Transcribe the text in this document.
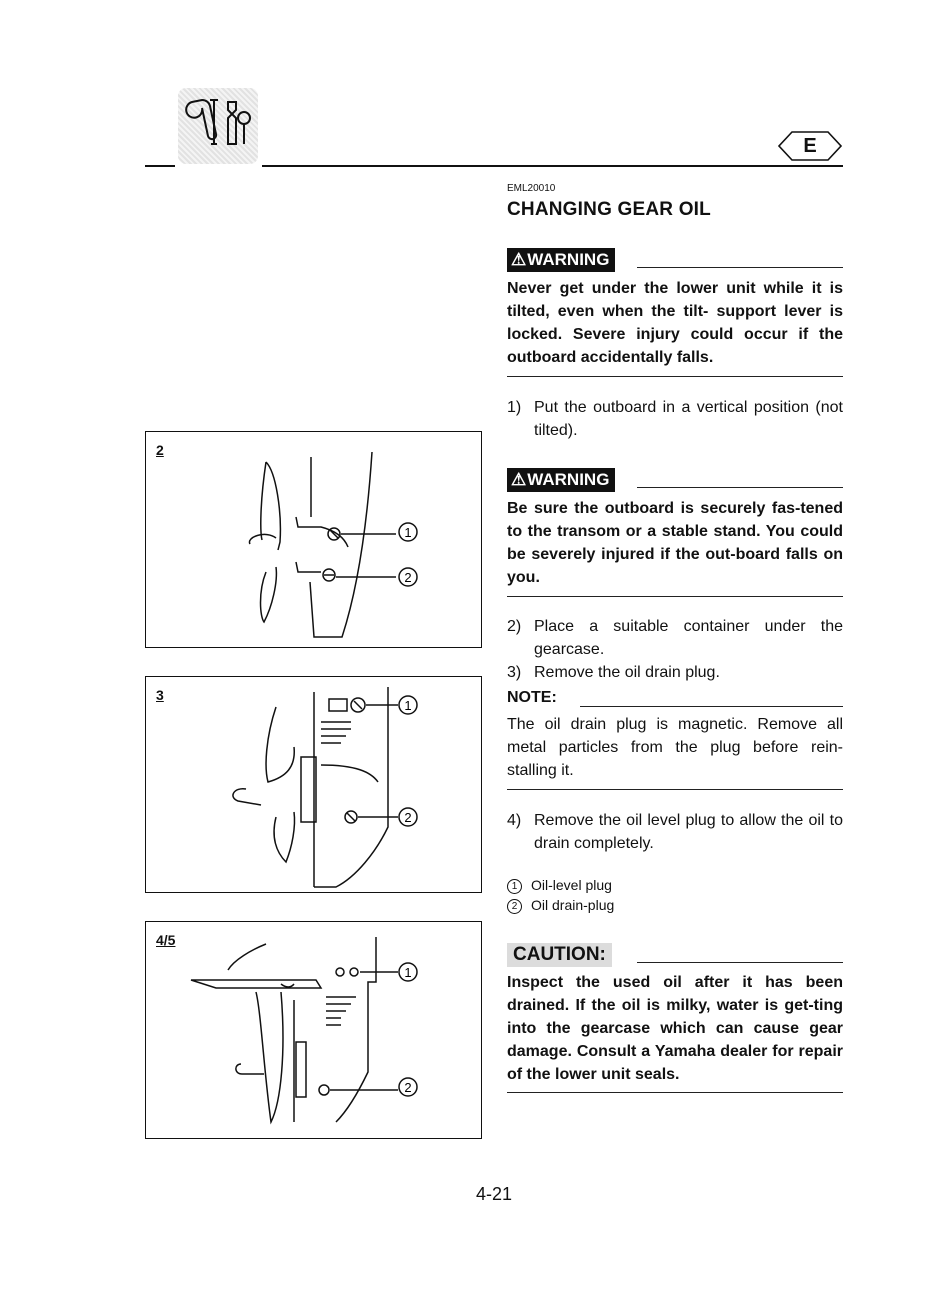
E
EML20010
CHANGING GEAR OIL
⚠WARNING
Never get under the lower unit while it is tilted, even when the tilt- support lever is locked. Severe injury could occur if the outboard accidentally falls.
1) Put the outboard in a vertical position (not tilted).
⚠WARNING
Be sure the outboard is securely fas-tened to the transom or a stable stand. You could be severely injured if the out-board falls on you.
2) Place a suitable container under the gearcase.
3) Remove the oil drain plug.
NOTE:
The oil drain plug is magnetic. Remove all metal particles from the plug before rein-stalling it.
4) Remove the oil level plug to allow the oil to drain completely.
1 Oil-level plug
2 Oil drain-plug
CAUTION:
Inspect the used oil after it has been drained. If the oil is milky, water is get-ting into the gearcase which can cause gear damage. Consult a Yamaha dealer for repair of the lower unit seals.
2
1
2
3
1
2
4/5
1
2
4-21
